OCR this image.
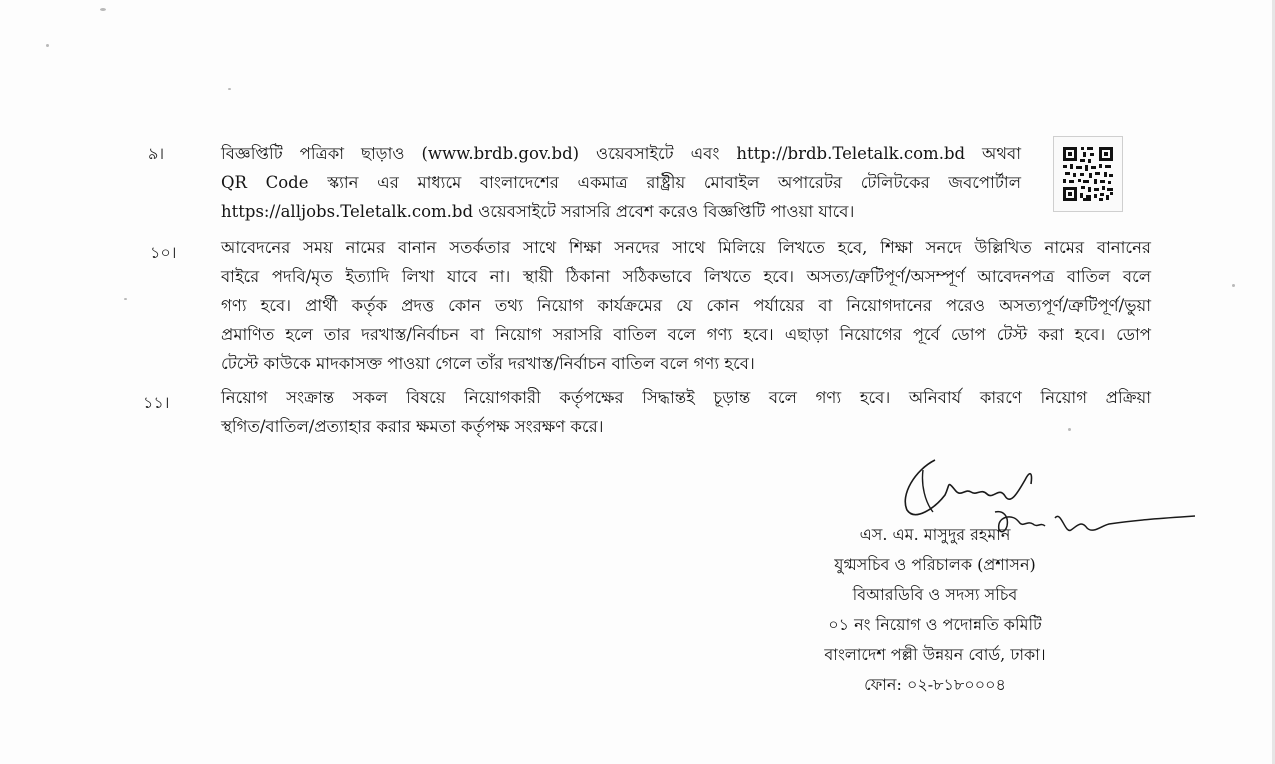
৯।	বিজ্ঞপ্তিটি পত্রিকা ছাড়াও (www.brdb.gov.bd) ওয়েবসাইটে এবং http://brdb.Teletalk.com.bd অথবা
QR Code স্ক্যান এর মাধ্যমে বাংলাদেশের একমাত্র রাষ্ট্রীয় মোবাইল অপারেটর টেলিটকের জবপোর্টাল
https://alljobs.Teletalk.com.bd ওয়েবসাইটে সরাসরি প্রবেশ করেও বিজ্ঞপ্তিটি পাওয়া যাবে।
১০।	আবেদনের সময় নামের বানান সতর্কতার সাথে শিক্ষা সনদের সাথে মিলিয়ে লিখতে হবে, শিক্ষা সনদে উল্লিখিত নামের বানানের
বাইরে পদবি/মৃত ইত্যাদি লিখা যাবে না। স্থায়ী ঠিকানা সঠিকভাবে লিখতে হবে। অসত্য/ত্রুটিপূর্ণ/অসম্পূর্ণ আবেদনপত্র বাতিল বলে
গণ্য হবে। প্রার্থী কর্তৃক প্রদত্ত কোন তথ্য নিয়োগ কার্যক্রমের যে কোন পর্যায়ের বা নিয়োগদানের পরেও অসত্যপূর্ণ/ত্রুটিপূর্ণ/ভুয়া
প্রমাণিত হলে তার দরখাস্ত/নির্বাচন বা নিয়োগ সরাসরি বাতিল বলে গণ্য হবে। এছাড়া নিয়োগের পূর্বে ডোপ টেস্ট করা হবে। ডোপ
টেস্টে কাউকে মাদকাসক্ত পাওয়া গেলে তাঁর দরখাস্ত/নির্বাচন বাতিল বলে গণ্য হবে।
১১।	নিয়োগ সংক্রান্ত সকল বিষয়ে নিয়োগকারী কর্তৃপক্ষের সিদ্ধান্তই চূড়ান্ত বলে গণ্য হবে। অনিবার্য কারণে নিয়োগ প্রক্রিয়া
স্থগিত/বাতিল/প্রত্যাহার করার ক্ষমতা কর্তৃপক্ষ সংরক্ষণ করে।
এস. এম. মাসুদুর রহমান
যুগ্মসচিব ও পরিচালক (প্রশাসন)
বিআরডিবি ও সদস্য সচিব
০১ নং নিয়োগ ও পদোন্নতি কমিটি
বাংলাদেশ পল্লী উন্নয়ন বোর্ড, ঢাকা।
ফোন: ০২-৮১৮০০০৪
